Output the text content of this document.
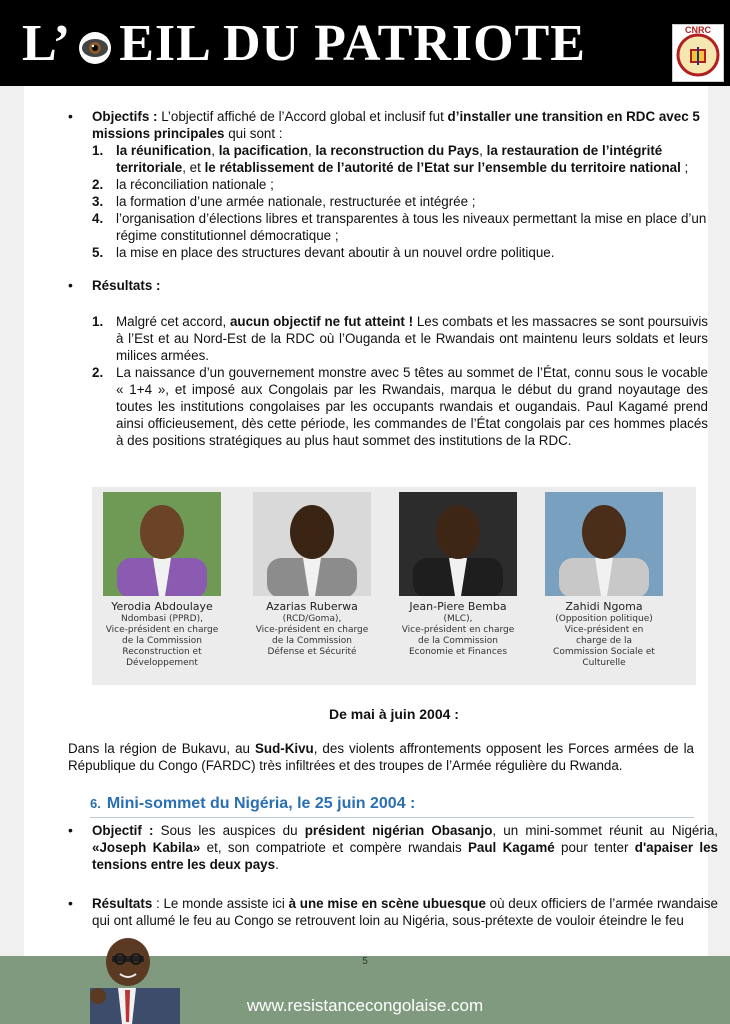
L’ EIL DU PATRIOTE	CNRC
• Objectifs : L’objectif affiché de l’Accord global et inclusif fut d’installer une transition en RDC avec 5 missions principales qui sont :
1. la réunification, la pacification, la reconstruction du Pays, la restauration de l’intégrité territoriale, et le rétablissement de l’autorité de l’Etat sur l’ensemble du territoire national ;
2. la réconciliation nationale ;
3. la formation d’une armée nationale, restructurée et intégrée ;
4. l’organisation d’élections libres et transparentes à tous les niveaux permettant la mise en place d’un régime constitutionnel démocratique ;
5. la mise en place des structures devant aboutir à un nouvel ordre politique.
• Résultats :
1. Malgré cet accord, aucun objectif ne fut atteint ! Les combats et les massacres se sont poursuivis à l’Est et au Nord-Est de la RDC où l’Ouganda et le Rwandais ont maintenu leurs soldats et leurs milices armées.
2. La naissance d’un gouvernement monstre avec 5 têtes au sommet de l’État, connu sous le vocable « 1+4 », et imposé aux Congolais par les Rwandais, marqua le début du grand noyautage des toutes les institutions congolaises par les occupants rwandais et ougandais. Paul Kagamé prend ainsi officieusement, dès cette période, les commandes de l’État congolais par ces hommes placés à des positions stratégiques au plus haut sommet des institutions de la RDC.
Yerodia Abdoulaye
Ndombasi (PPRD),
Vice-président en charge
de la Commission
Reconstruction et
Développement
Azarias Ruberwa
(RCD/Goma),
Vice-président en charge
de la Commission
Défense et Sécurité
Jean-Piere Bemba
(MLC),
Vice-président en charge
de la Commission
Economie et Finances
Zahidi Ngoma
(Opposition politique)
Vice-président en
charge de la
Commission Sociale et
Culturelle
De mai à juin 2004 :
Dans la région de Bukavu, au Sud-Kivu, des violents affrontements opposent les Forces armées de la République du Congo (FARDC) très infiltrées et des troupes de l’Armée régulière du Rwanda.
6. Mini-sommet du Nigéria, le 25 juin 2004 :
• Objectif : Sous les auspices du président nigérian Obasanjo, un mini-sommet réunit au Nigéria, «Joseph Kabila» et, son compatriote et compère rwandais Paul Kagamé pour tenter d'apaiser les tensions entre les deux pays.
• Résultats : Le monde assiste ici à une mise en scène ubuesque où deux officiers de l’armée rwandaise qui ont allumé le feu au Congo se retrouvent loin au Nigéria, sous-prétexte de vouloir éteindre le feu
www.resistancecongolaise.com
5
